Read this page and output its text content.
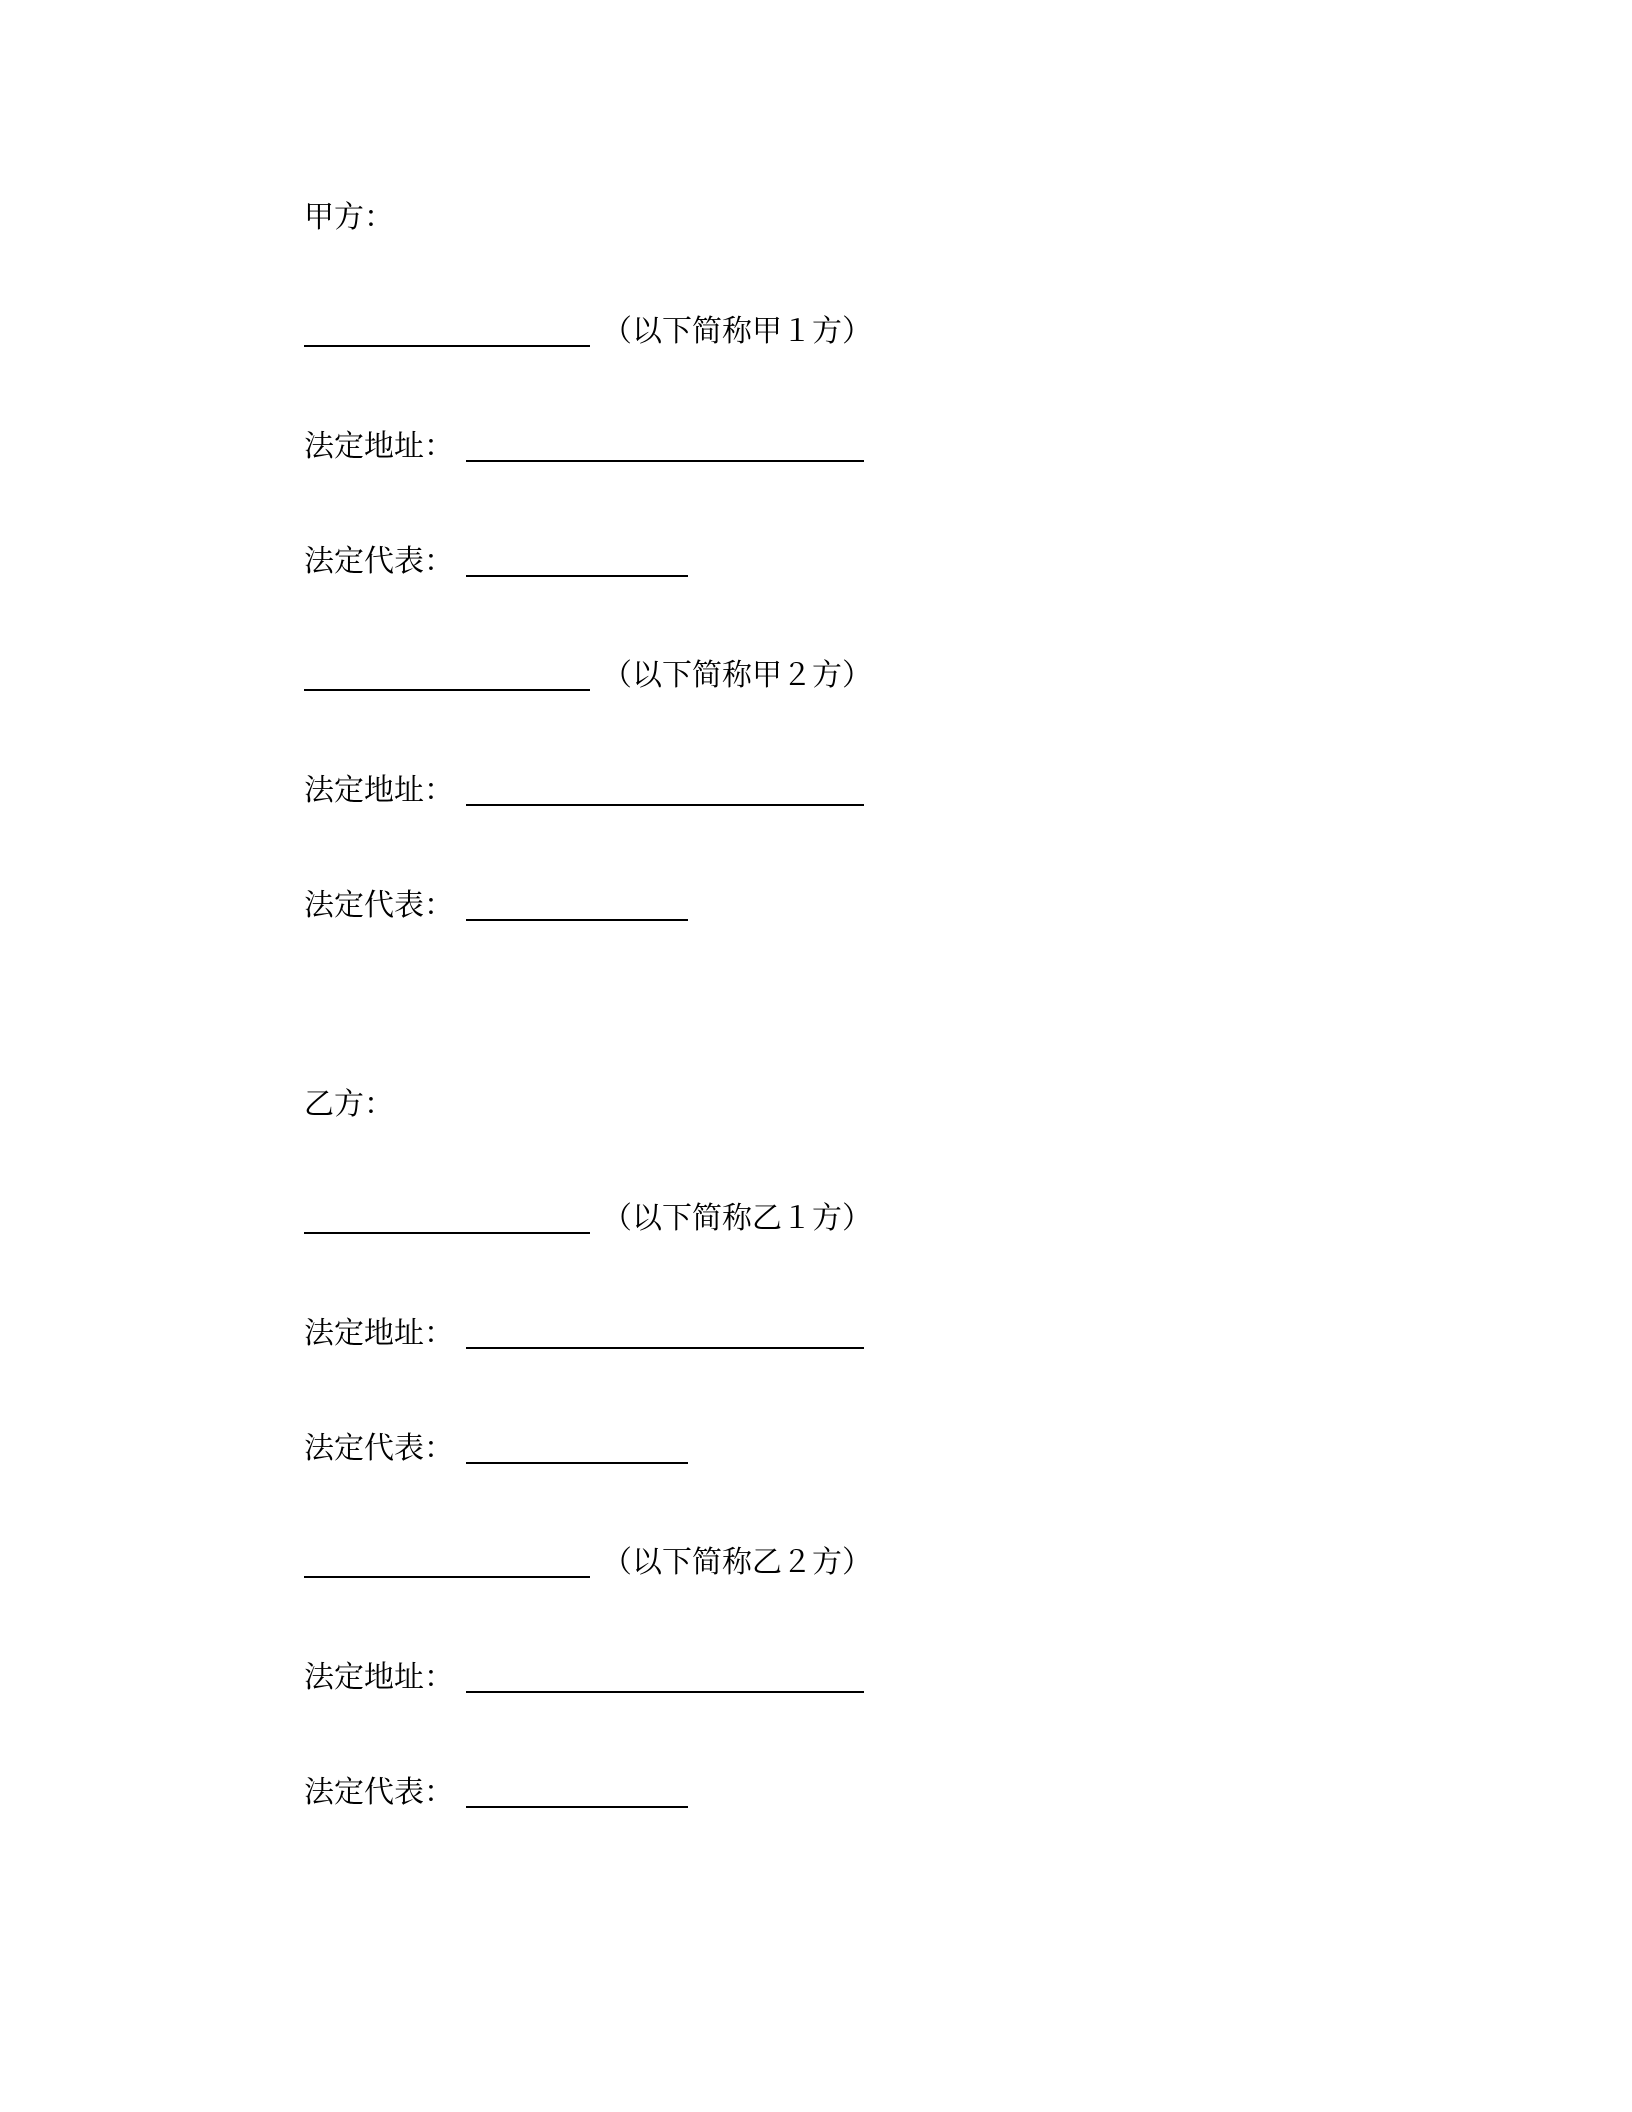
甲方：
（以下简称甲１方）
法定地址：
法定代表：
（以下简称甲２方）
法定地址：
法定代表：
乙方：
（以下简称乙１方）
法定地址：
法定代表：
（以下简称乙２方）
法定地址：
法定代表：
